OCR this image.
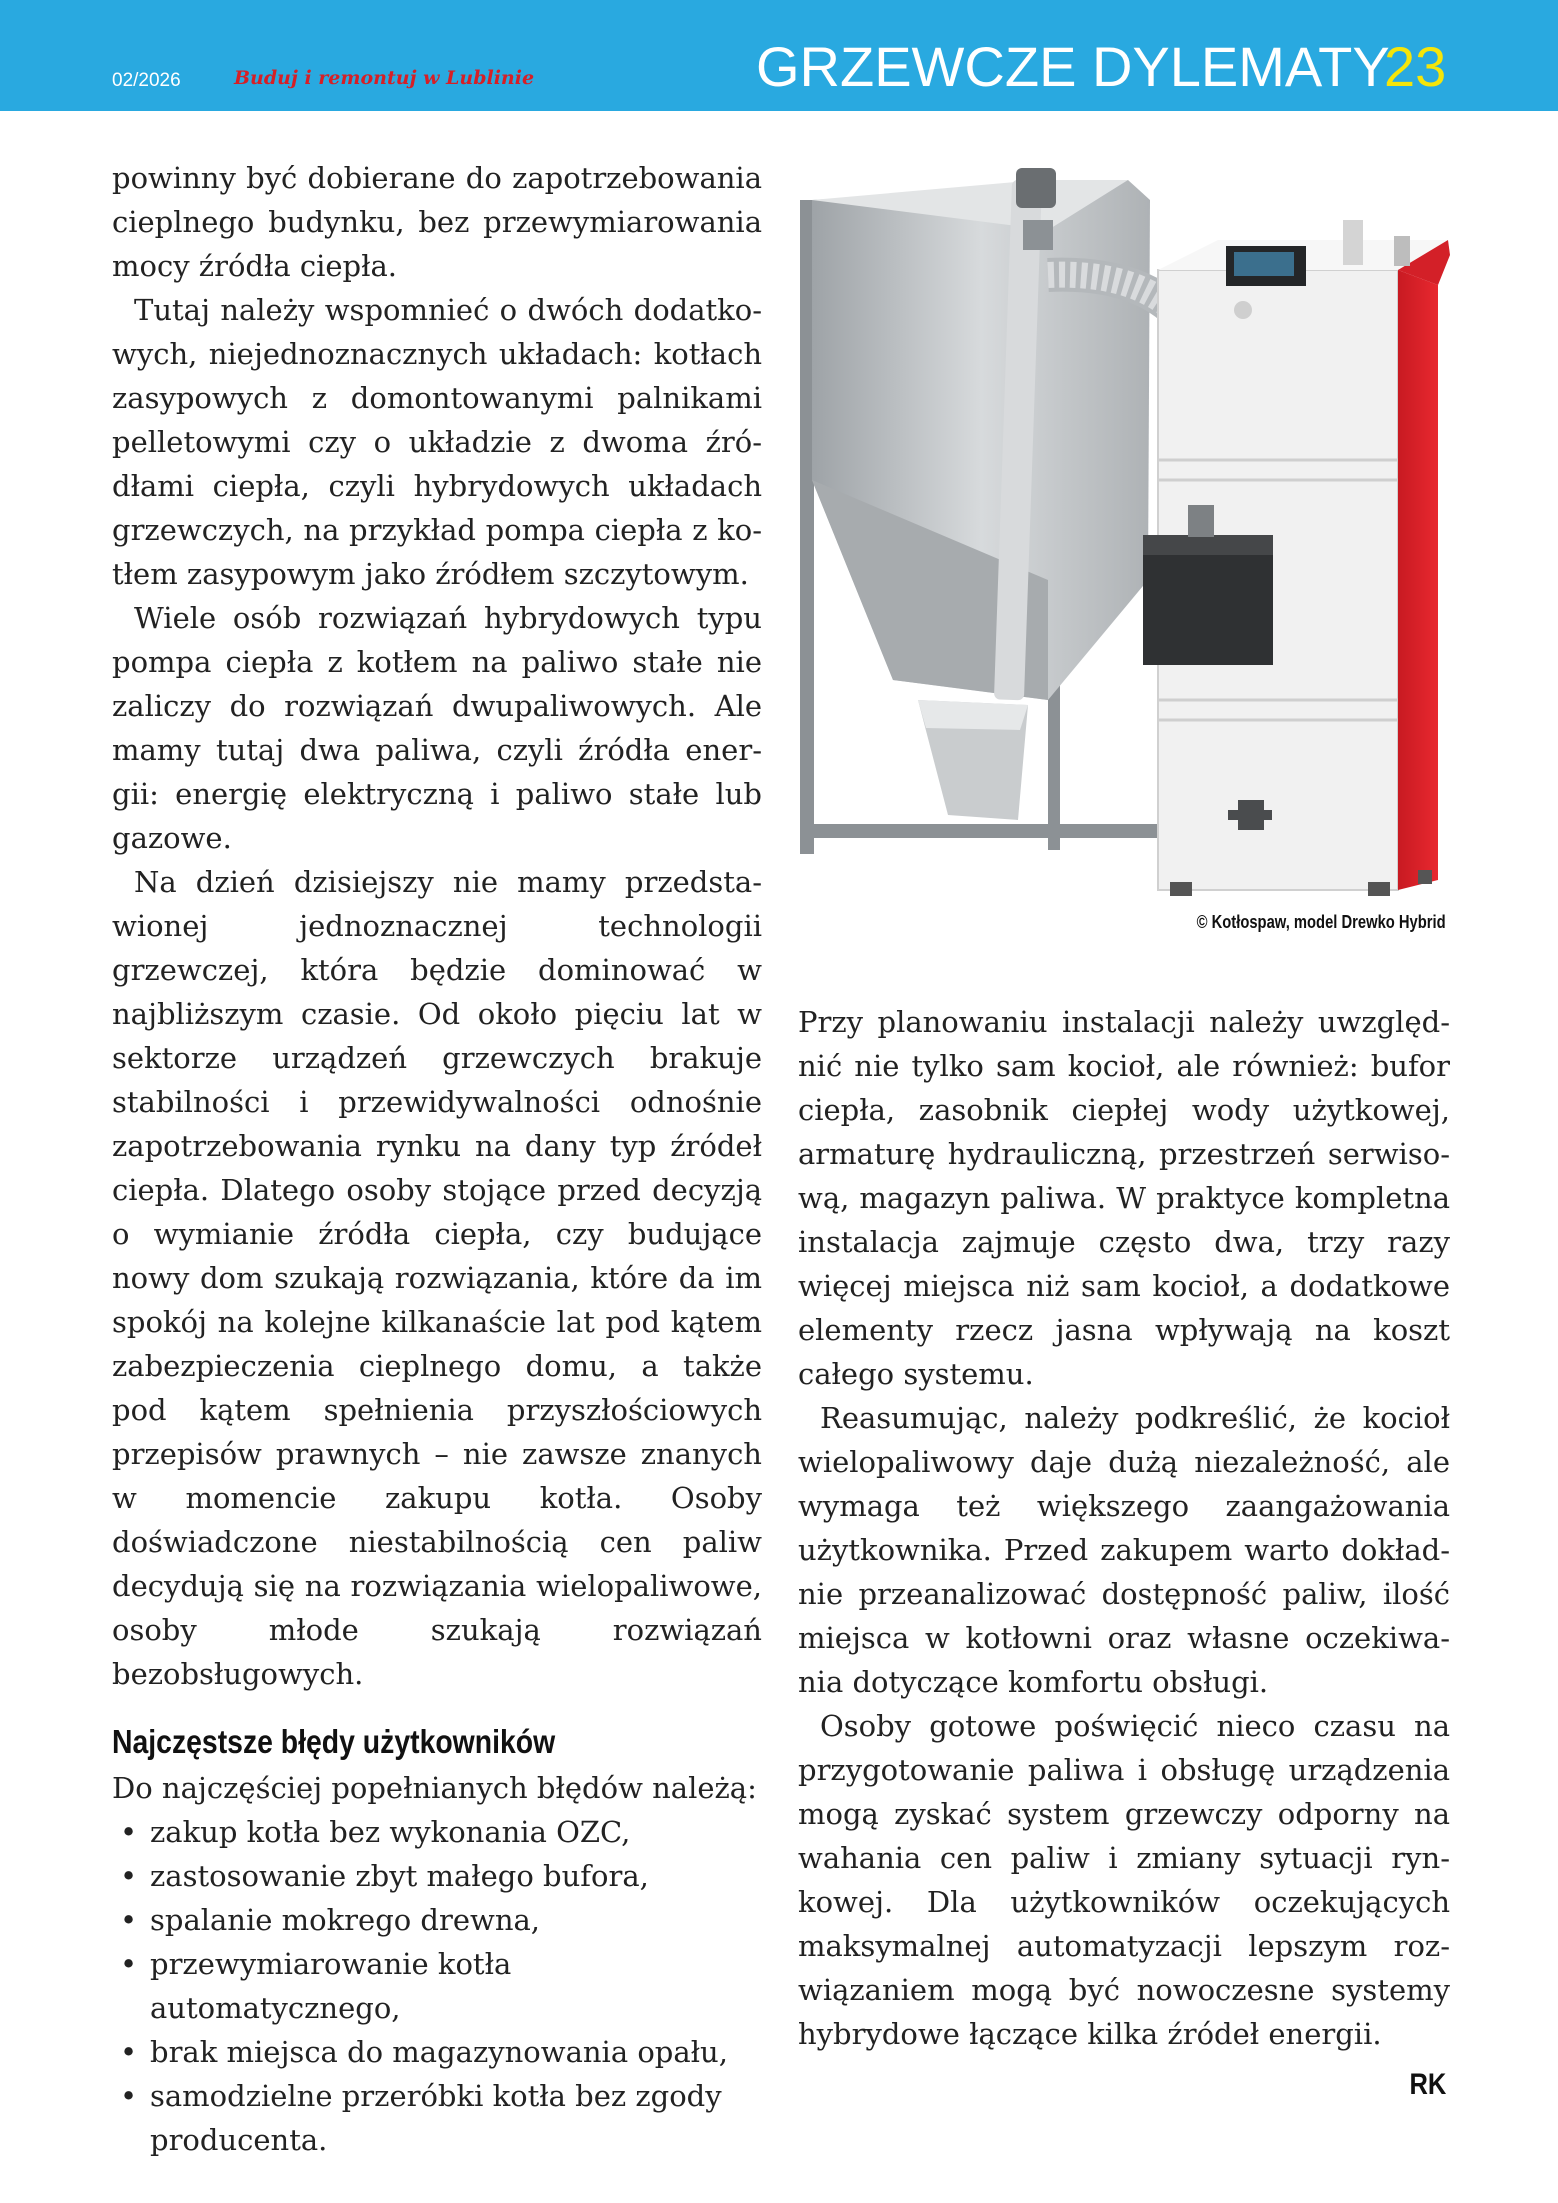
02/2026	Buduj i remontuj w Lublinie	GRZEWCZE DYLEMATY
23

powinny być dobierane do zapotrzebowania cieplnego budynku, bez przewymiarowania mocy źródła ciepła.

Tutaj należy wspomnieć o dwóch dodatkowych, niejednoznacznych układach: kotłach zasypowych z domontowanymi palnikami pelletowymi czy o układzie z dwoma źródłami ciepła, czyli hybrydowych układach grzewczych, na przykład pompa ciepła z kotłem zasypowym jako źródłem szczytowym.

Wiele osób rozwiązań hybrydowych typu pompa ciepła z kotłem na paliwo stałe nie zaliczy do rozwiązań dwupaliwowych. Ale mamy tutaj dwa paliwa, czyli źródła energii: energię elektryczną i paliwo stałe lub gazowe.

Na dzień dzisiejszy nie mamy przedstawionej jednoznacznej technologii grzewczej, która będzie dominować w najbliższym czasie. Od około pięciu lat w sektorze urządzeń grzewczych brakuje stabilności i przewidywalności odnośnie zapotrzebowania rynku na dany typ źródeł ciepła. Dlatego osoby stojące przed decyzją o wymianie źródła ciepła, czy budujące nowy dom szukają rozwiązania, które da im spokój na kolejne kilkanaście lat pod kątem zabezpieczenia cieplnego domu, a także pod kątem spełnienia przyszłościowych przepisów prawnych – nie zawsze znanych w momencie zakupu kotła. Osoby doświadczone niestabilnością cen paliw decydują się na rozwiązania wielopaliwowe, osoby młode szukają rozwiązań bezobsługowych.

Najczęstsze błędy użytkowników

Do najczęściej popełnianych błędów należą:

• zakup kotła bez wykonania OZC,
• zastosowanie zbyt małego bufora,
• spalanie mokrego drewna,
• przewymiarowanie kotła automatycznego,
• brak miejsca do magazynowania opału,
• samodzielne przeróbki kotła bez zgody producenta.
© Kotłospaw, model Drewko Hybrid

Przy planowaniu instalacji należy uwzględnić nie tylko sam kocioł, ale również: bufor ciepła, zasobnik ciepłej wody użytkowej, armaturę hydrauliczną, przestrzeń serwisową, magazyn paliwa. W praktyce kompletna instalacja zajmuje często dwa, trzy razy więcej miejsca niż sam kocioł, a dodatkowe elementy rzecz jasna wpływają na koszt całego systemu.

Reasumując, należy podkreślić, że kocioł wielopaliwowy daje dużą niezależność, ale wymaga też większego zaangażowania użytkownika. Przed zakupem warto dokładnie przeanalizować dostępność paliw, ilość miejsca w kotłowni oraz własne oczekiwania dotyczące komfortu obsługi.

Osoby gotowe poświęcić nieco czasu na przygotowanie paliwa i obsługę urządzenia mogą zyskać system grzewczy odporny na wahania cen paliw i zmiany sytuacji rynkowej. Dla użytkowników oczekujących maksymalnej automatyzacji lepszym rozwiązaniem mogą być nowoczesne systemy hybrydowe łączące kilka źródeł energii.

RK
